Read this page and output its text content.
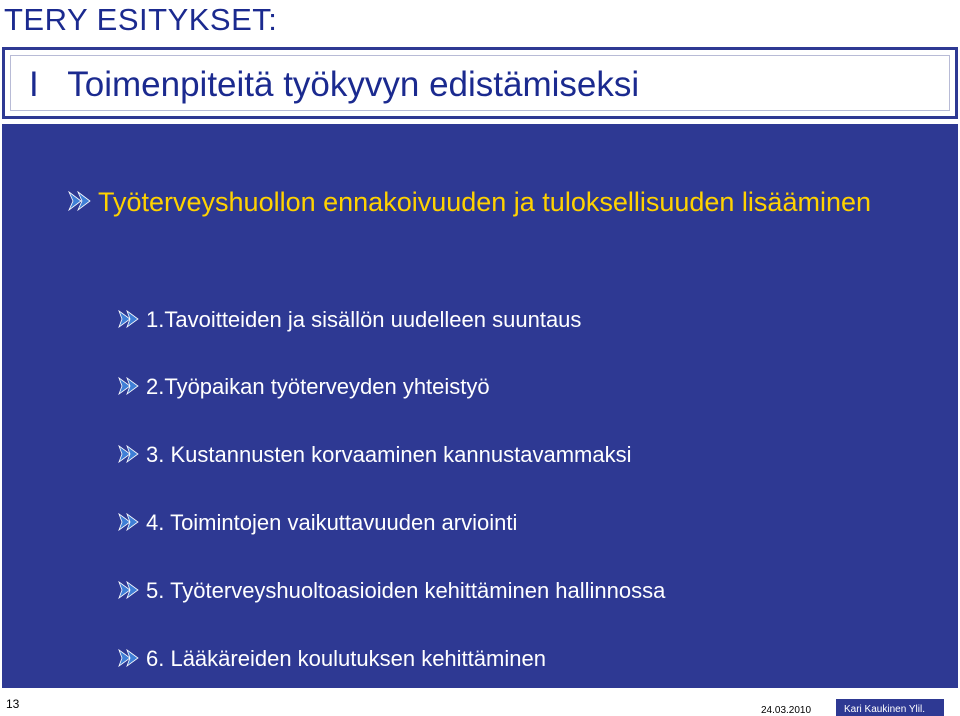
TERY ESITYKSET:
I   Toimenpiteitä työkyvyn edistämiseksi
Työterveyshuollon ennakoivuuden ja tuloksellisuuden lisääminen
1.Tavoitteiden ja sisällön uudelleen suuntaus
2.Työpaikan työterveyden yhteistyö
3. Kustannusten korvaaminen kannustavammaksi
4. Toimintojen vaikuttavuuden arviointi
5. Työterveyshuoltoasioiden kehittäminen hallinnossa
6. Lääkäreiden koulutuksen kehittäminen
13	24.03.2010	Kari Kaukinen Ylil.
